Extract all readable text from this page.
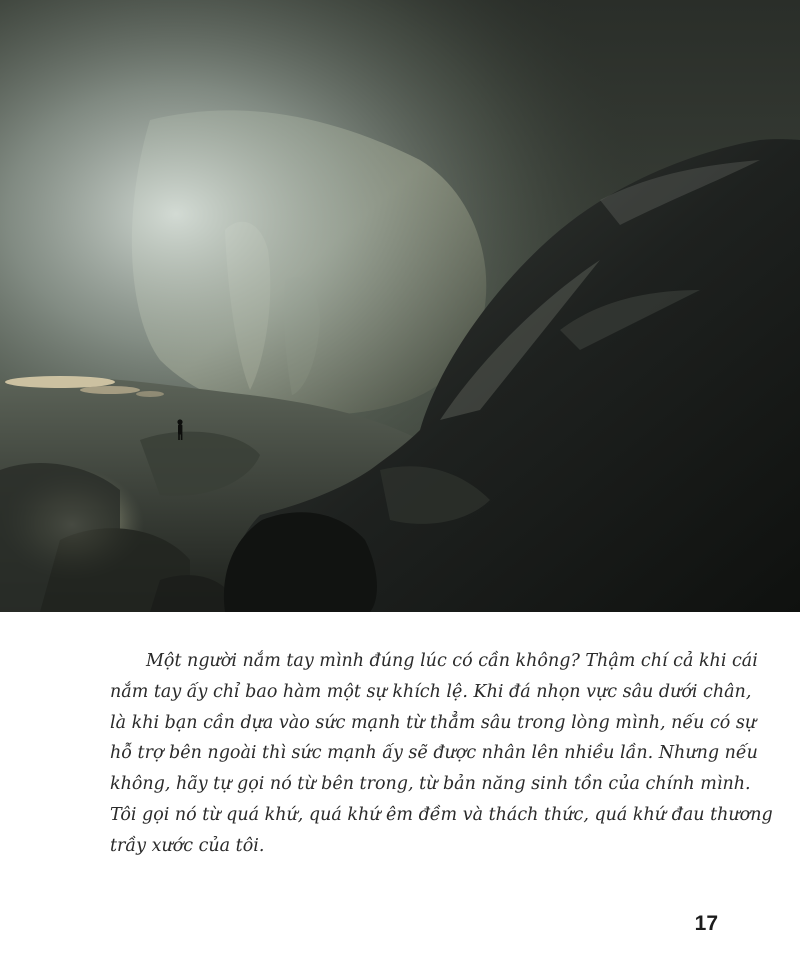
Một người nắm tay mình đúng lúc có cần không? Thậm chí cả khi cái
nắm tay ấy chỉ bao hàm một sự khích lệ. Khi đá nhọn vực sâu dưới chân,
là khi bạn cần dựa vào sức mạnh từ thẳm sâu trong lòng mình, nếu có sự
hỗ trợ bên ngoài thì sức mạnh ấy sẽ được nhân lên nhiều lần. Nhưng nếu
không, hãy tự gọi nó từ bên trong, từ bản năng sinh tồn của chính mình.
Tôi gọi nó từ quá khứ, quá khứ êm đềm và thách thức, quá khứ đau thương
trầy xước của tôi.

17
